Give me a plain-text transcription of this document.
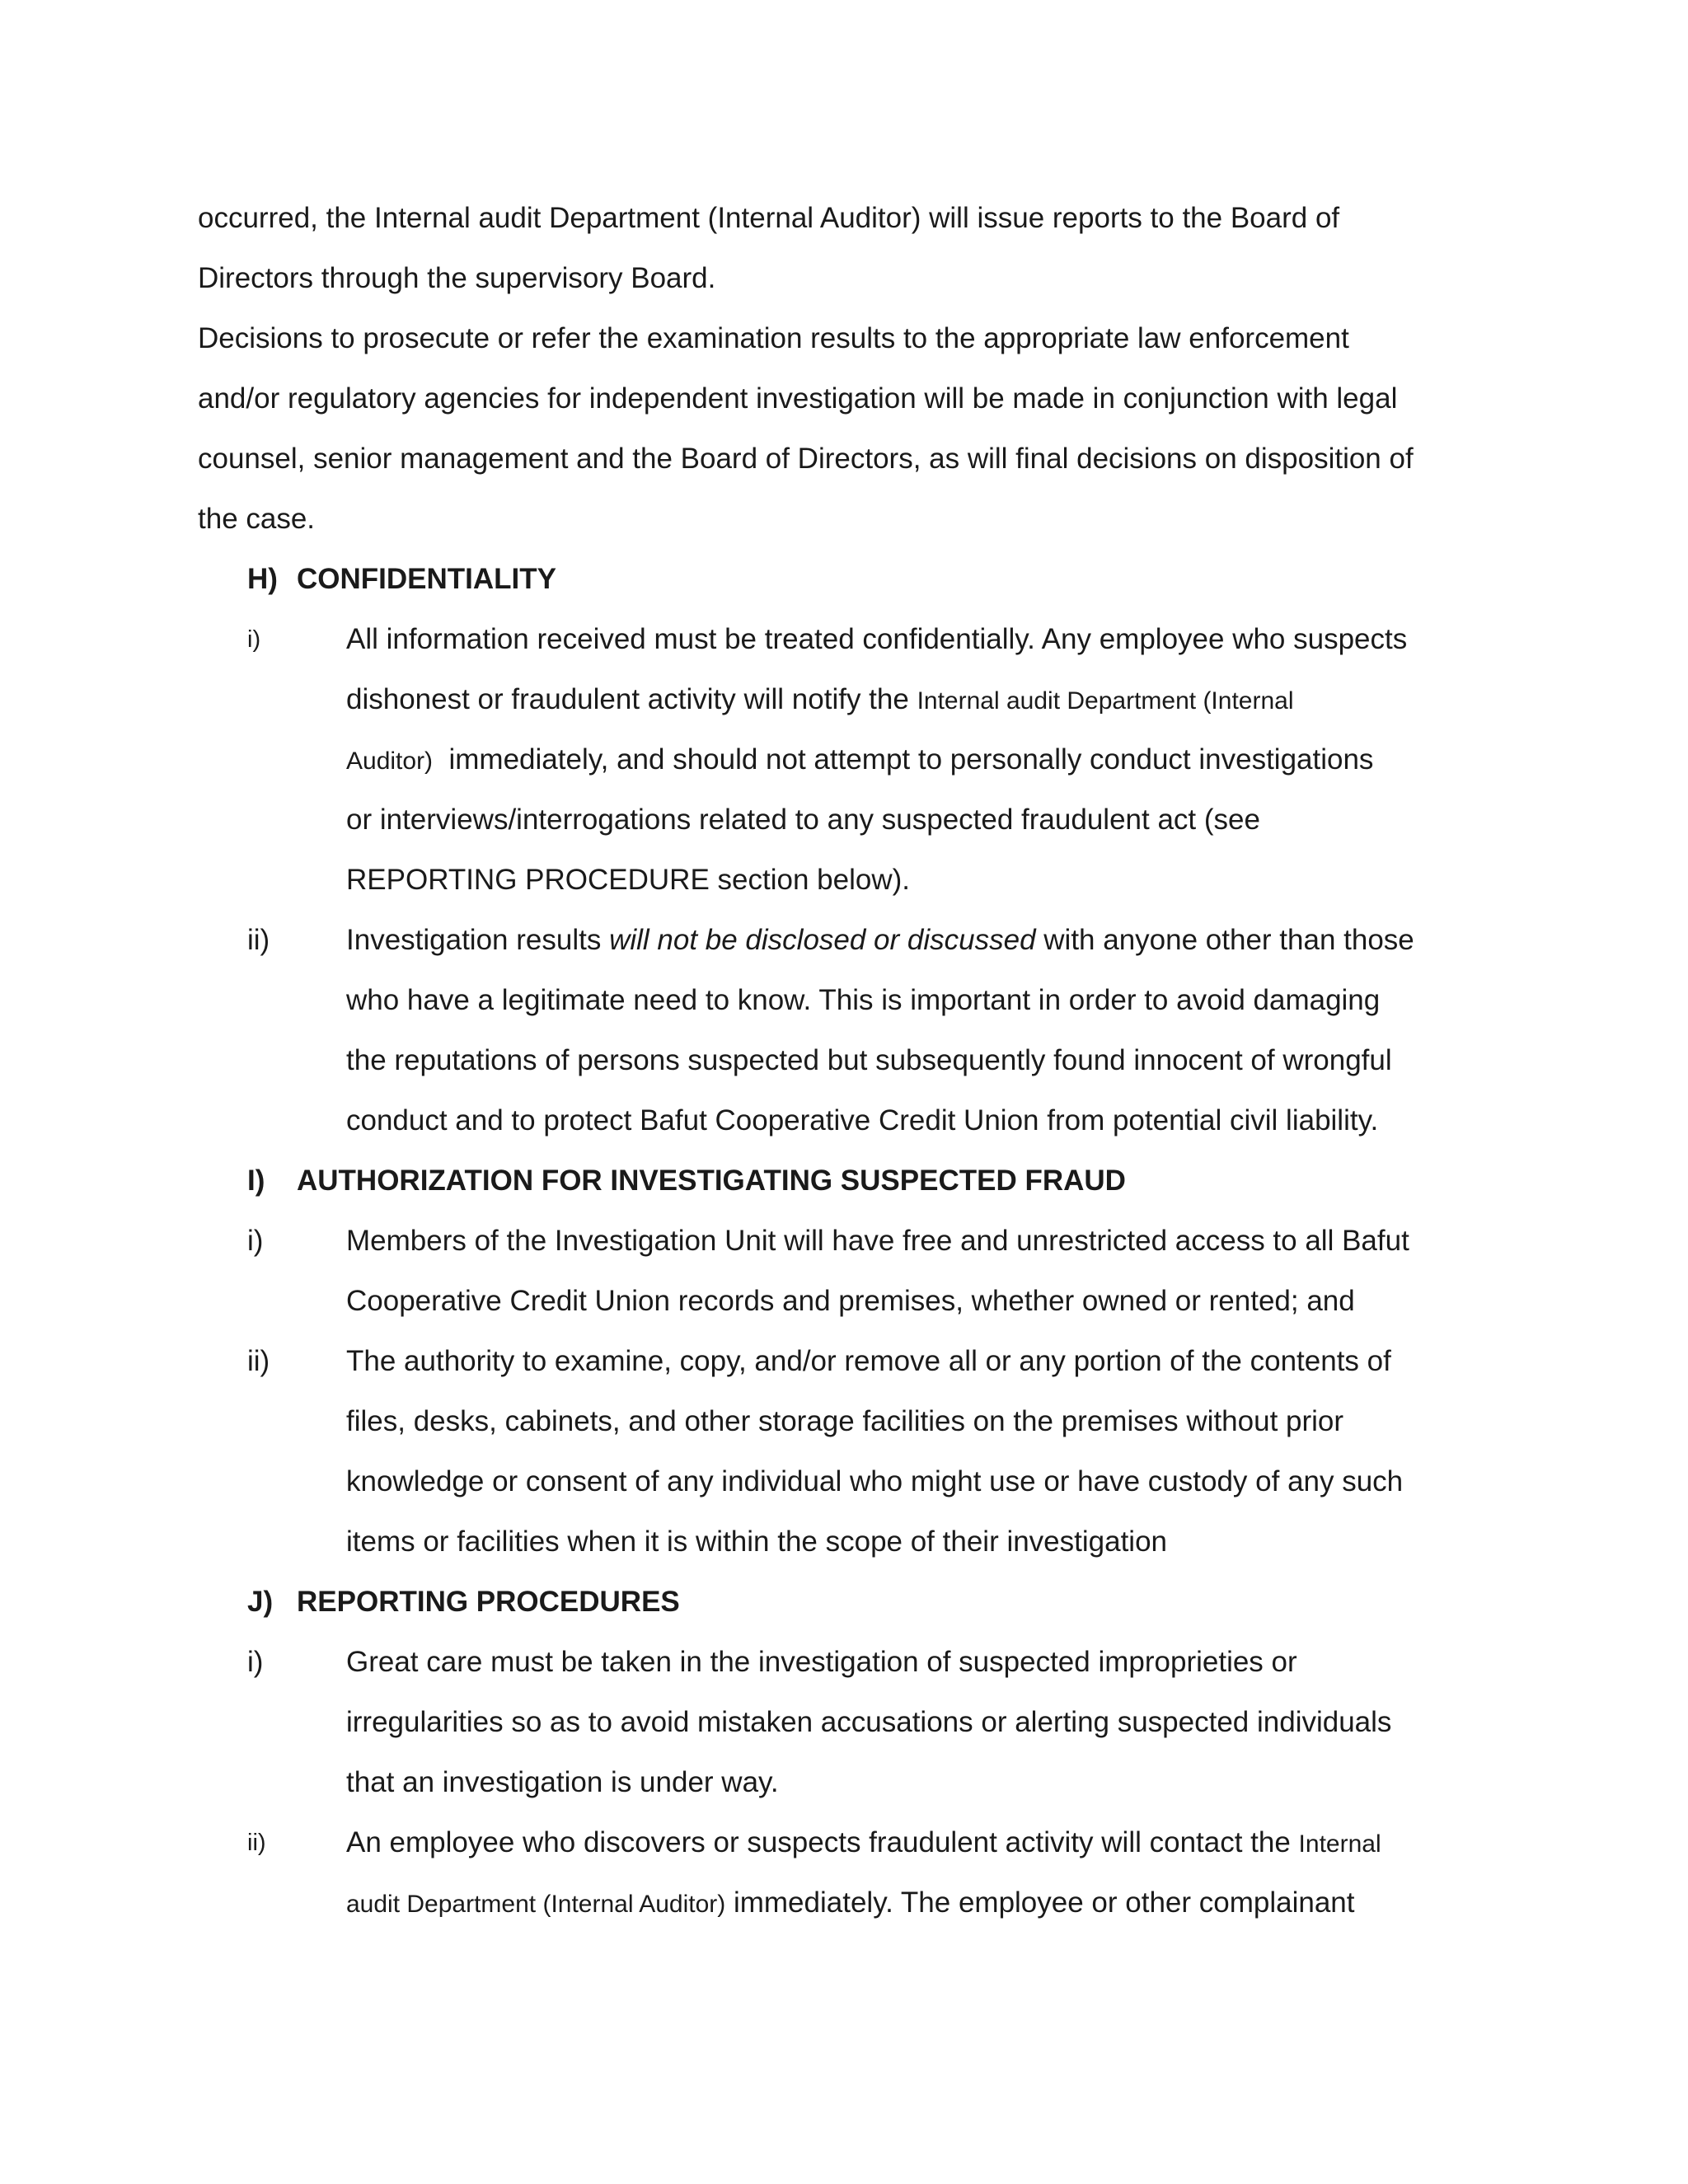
occurred, the Internal audit Department (Internal Auditor) will issue reports to the Board of
Directors through the supervisory Board.
Decisions to prosecute or refer the examination results to the appropriate law enforcement
and/or regulatory agencies for independent investigation will be made in conjunction with legal
counsel, senior management and the Board of Directors, as will final decisions on disposition of
the case.
H) CONFIDENTIALITY
i)	All information received must be treated confidentially. Any employee who suspects
dishonest or fraudulent activity will notify the Internal audit Department (Internal
Auditor)  immediately, and should not attempt to personally conduct investigations
or interviews/interrogations related to any suspected fraudulent act (see
REPORTING PROCEDURE section below).
ii)	Investigation results will not be disclosed or discussed with anyone other than those
who have a legitimate need to know. This is important in order to avoid damaging
the reputations of persons suspected but subsequently found innocent of wrongful
conduct and to protect Bafut Cooperative Credit Union from potential civil liability.
I) AUTHORIZATION FOR INVESTIGATING SUSPECTED FRAUD
i)	Members of the Investigation Unit will have free and unrestricted access to all Bafut
Cooperative Credit Union records and premises, whether owned or rented; and
ii)	The authority to examine, copy, and/or remove all or any portion of the contents of
files, desks, cabinets, and other storage facilities on the premises without prior
knowledge or consent of any individual who might use or have custody of any such
items or facilities when it is within the scope of their investigation
J) REPORTING PROCEDURES
i)	Great care must be taken in the investigation of suspected improprieties or
irregularities so as to avoid mistaken accusations or alerting suspected individuals
that an investigation is under way.
ii)	An employee who discovers or suspects fraudulent activity will contact the Internal
audit Department (Internal Auditor) immediately. The employee or other complainant
